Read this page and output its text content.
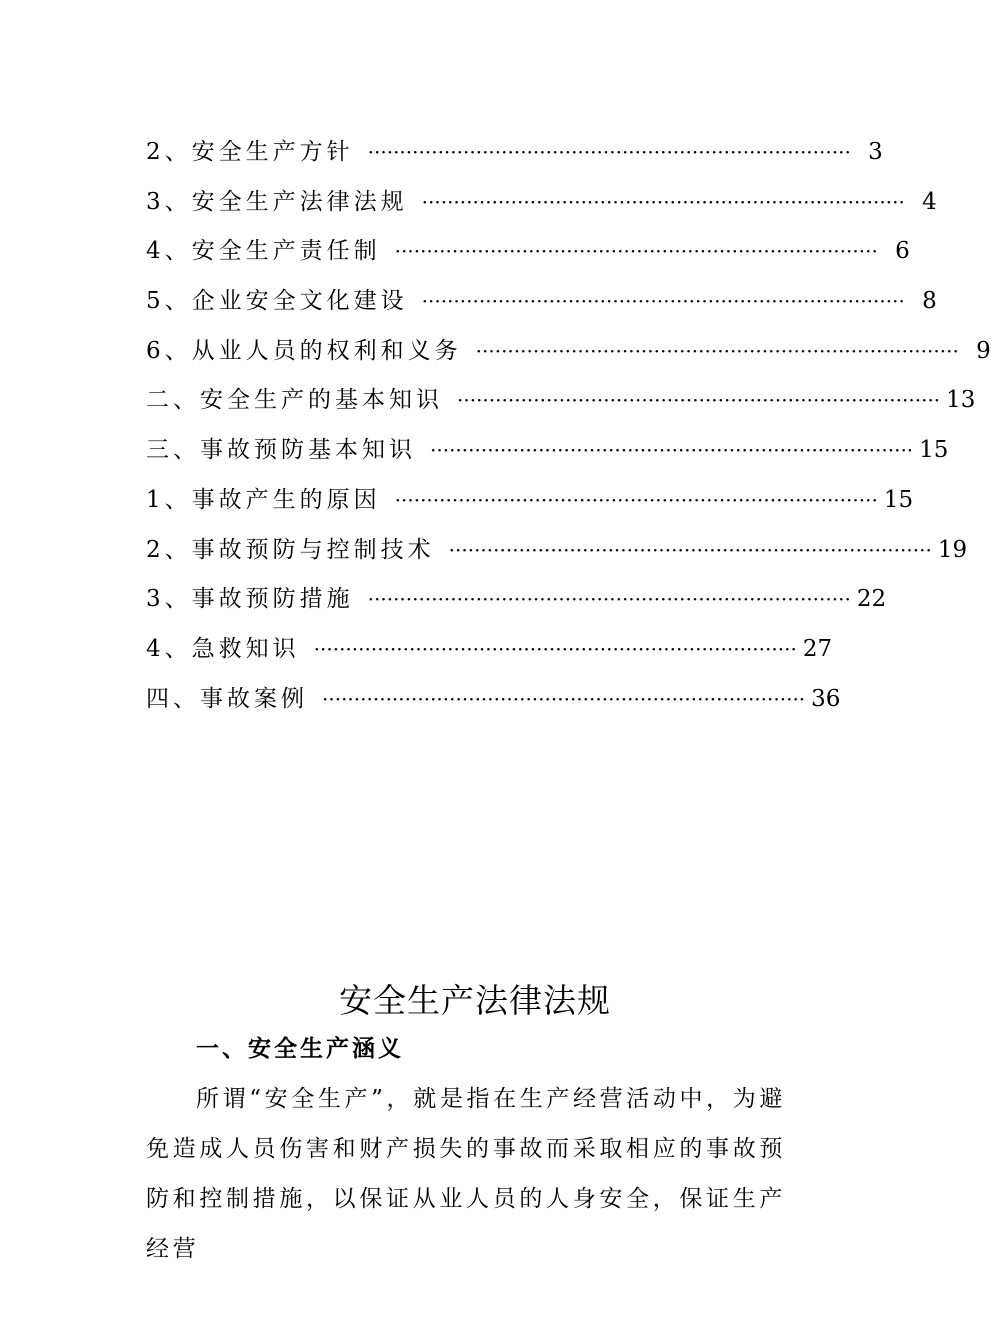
2、安全生产方针 ············································································ 3
3、安全生产法律法规 ············································································ 4
4、安全生产责任制 ············································································ 6
5、企业安全文化建设 ············································································ 8
6、从业人员的权利和义务 ············································································ 9
二、安全生产的基本知识 ············································································ 13
三、事故预防基本知识 ············································································ 15
1、事故产生的原因 ············································································ 15
2、事故预防与控制技术 ············································································ 19
3、事故预防措施 ············································································ 22
4、急救知识 ············································································ 27
四、事故案例 ············································································ 36
安全生产法律法规
一、安全生产涵义

所谓“安全生产”，就是指在生产经营活动中，为避免造成人员伤害和财产损失的事故而采取相应的事故预防和控制措施，以保证从业人员的人身安全，保证生产经营
